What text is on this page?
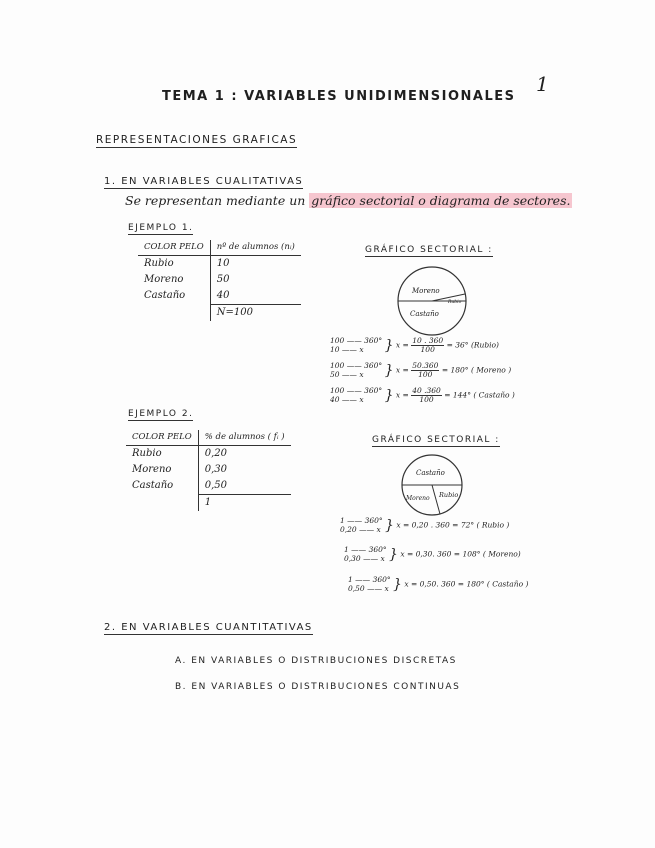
1
TEMA 1 : VARIABLES UNIDIMENSIONALES
REPRESENTACIONES GRAFICAS
1. EN VARIABLES CUALITATIVAS
Se representan mediante un gráfico sectorial o diagrama de sectores.
EJEMPLO 1.
COLOR PELO	nº de alumnos (nᵢ)
Rubio	10
Moreno	50
Castaño	40
	N=100
GRÁFICO SECTORIAL :
Moreno
Rubio
Castaño
100 —— 360°
10 —— x } $x = \frac{10 . 360}{100} = 36^\circ$ (Rubio)
100 —— 360°
50 —— x } $x = \frac{50.360}{100} = 180^\circ$ ( Moreno )
100 —— 360°
40 —— x } $x = \frac{40 .360}{100} = 144^\circ$ ( Castaño )
EJEMPLO 2.
COLOR PELO	% de alumnos ( fᵢ )
Rubio	0,20
Moreno	0,30
Castaño	0,50
	1
GRÁFICO SECTORIAL :
Castaño
Rubio
Moreno
1 —— 360°
0,20 —— x } x = 0,20 . 360 = 72° ( Rubio )
1 —— 360°
0,30 —— x } x = 0,30. 360 = 108° ( Moreno)
1 —— 360°
0,50 —— x } x = 0,50. 360 = 180° ( Castaño )
2. EN VARIABLES CUANTITATIVAS
A. EN VARIABLES O DISTRIBUCIONES DISCRETAS
B. EN VARIABLES O DISTRIBUCIONES CONTINUAS
